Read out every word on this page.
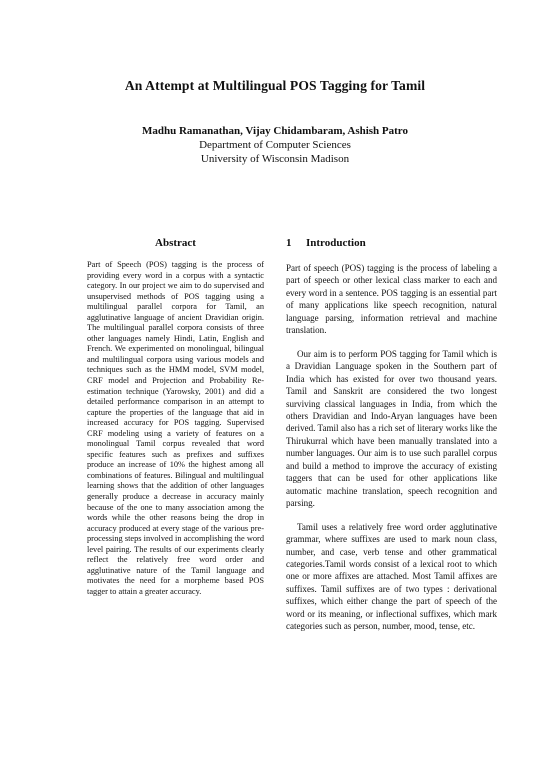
An Attempt at Multilingual POS Tagging for Tamil
Madhu Ramanathan, Vijay Chidambaram, Ashish Patro
Department of Computer Sciences
University of Wisconsin Madison
Abstract

Part of Speech (POS) tagging is the process of providing every word in a corpus with a syntactic category. In our project we aim to do supervised and unsupervised methods of POS tagging using a multilingual parallel corpora for Tamil, an agglutinative language of ancient Dravidian origin. The multilingual parallel corpora consists of three other languages namely Hindi, Latin, English and French. We experimented on monolingual, bilingual and multilingual corpora using various models and techniques such as the HMM model, SVM model, CRF model and Projection and Probability Re-estimation technique (Yarowsky, 2001) and did a detailed performance comparison in an attempt to capture the properties of the language that aid in increased accuracy for POS tagging. Supervised CRF modeling using a variety of features on a monolingual Tamil corpus revealed that word specific features such as prefixes and suffixes produce an increase of 10% the highest among all combinations of features. Bilingual and multilingual learning shows that the addition of other languages generally produce a decrease in accuracy mainly because of the one to many association among the words while the other reasons being the drop in accuracy produced at every stage of the various pre-processing steps involved in accomplishing the word level pairing. The results of our experiments clearly reflect the relatively free word order and agglutinative nature of the Tamil language and motivates the need for a morpheme based POS tagger to attain a greater accuracy.

1 Introduction

Part of speech (POS) tagging is the process of labeling a part of speech or other lexical class marker to each and every word in a sentence. POS tagging is an essential part of many applications like speech recognition, natural language parsing, information retrieval and machine translation.

Our aim is to perform POS tagging for Tamil which is a Dravidian Language spoken in the Southern part of India which has existed for over two thousand years. Tamil and Sanskrit are considered the two longest surviving classical languages in India, from which the others Dravidian and Indo-Aryan languages have been derived. Tamil also has a rich set of literary works like the Thirukurral which have been manually translated into a number languages. Our aim is to use such parallel corpus and build a method to improve the accuracy of existing taggers that can be used for other applications like automatic machine translation, speech recognition and parsing.

Tamil uses a relatively free word order agglutinative grammar, where suffixes are used to mark noun class, number, and case, verb tense and other grammatical categories.Tamil words consist of a lexical root to which one or more affixes are attached. Most Tamil affixes are suffixes. Tamil suffixes are of two types : derivational suffixes, which either change the part of speech of the word or its meaning, or inflectional suffixes, which mark categories such as person, number, mood, tense, etc.
